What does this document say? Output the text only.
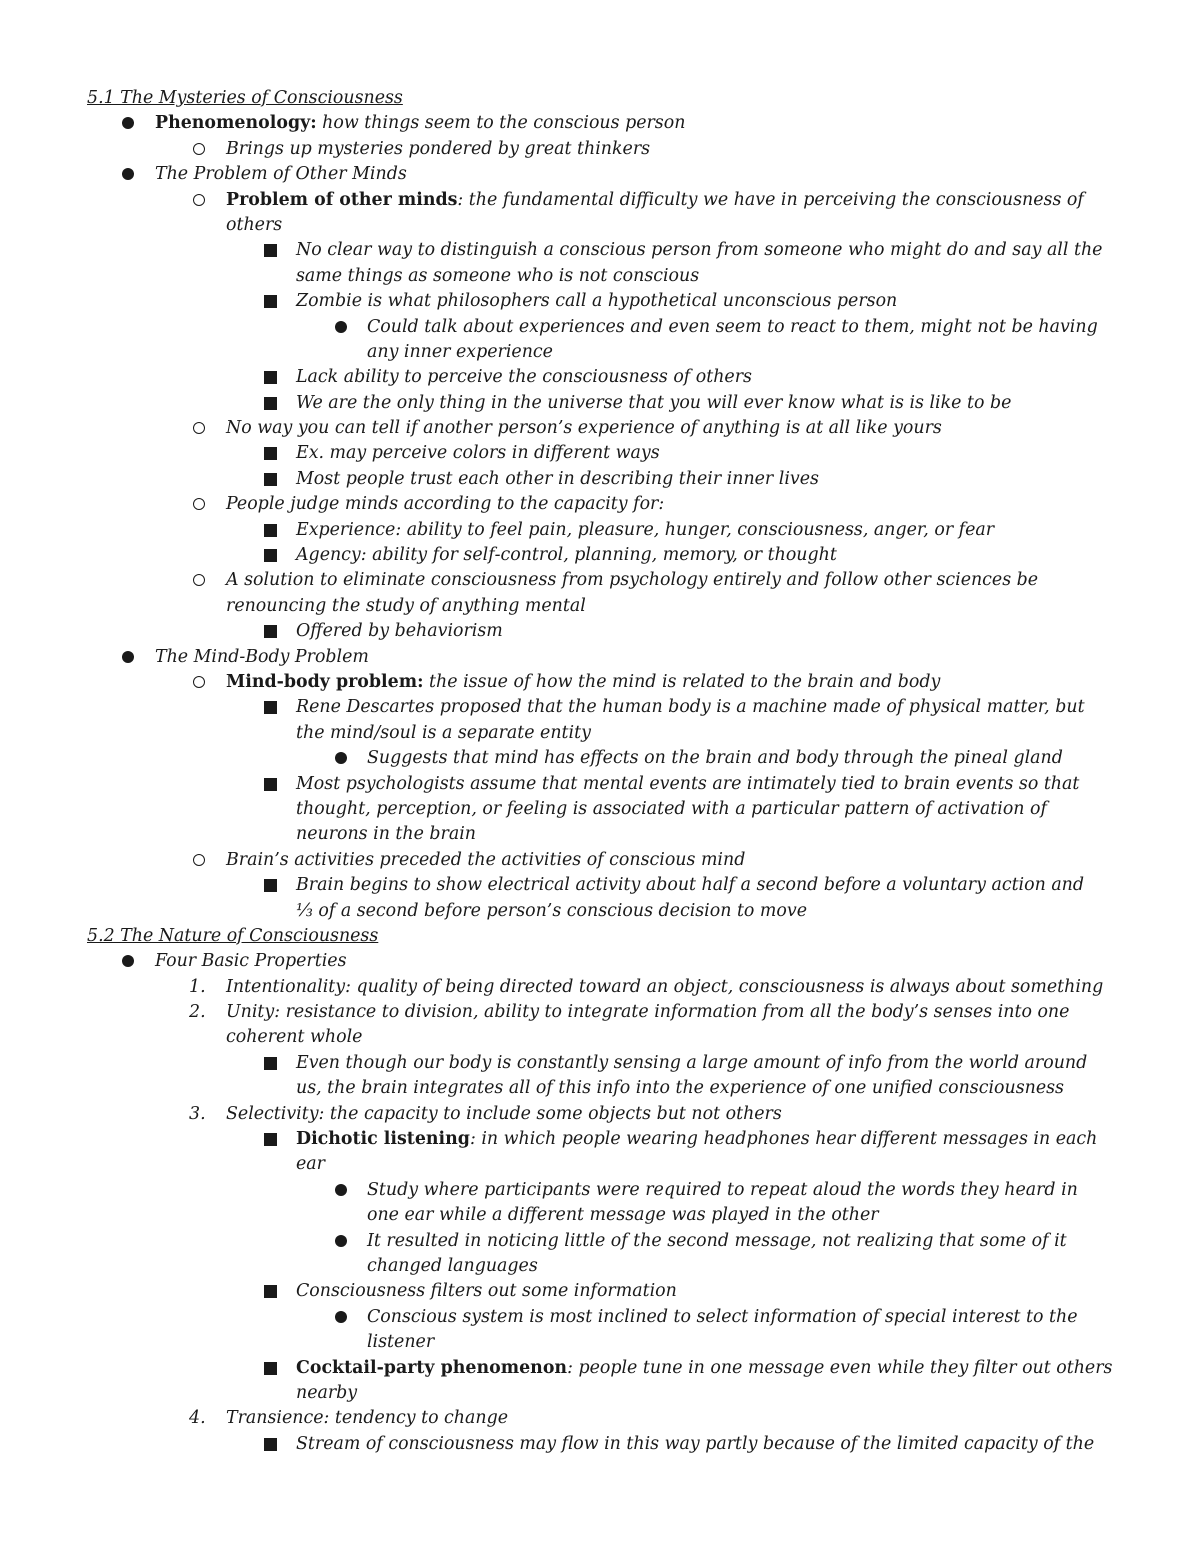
5.1 The Mysteries of Consciousness
Phenomenology: how things seem to the conscious person
Brings up mysteries pondered by great thinkers
The Problem of Other Minds
Problem of other minds: the fundamental difficulty we have in perceiving the consciousness of
others
No clear way to distinguish a conscious person from someone who might do and say all the
same things as someone who is not conscious
Zombie is what philosophers call a hypothetical unconscious person
Could talk about experiences and even seem to react to them, might not be having
any inner experience
Lack ability to perceive the consciousness of others
We are the only thing in the universe that you will ever know what is is like to be
No way you can tell if another person’s experience of anything is at all like yours
Ex. may perceive colors in different ways
Most people trust each other in describing their inner lives
People judge minds according to the capacity for:
Experience: ability to feel pain, pleasure, hunger, consciousness, anger, or fear
Agency: ability for self‐control, planning, memory, or thought
A solution to eliminate consciousness from psychology entirely and follow other sciences be
renouncing the study of anything mental
Offered by behaviorism
The Mind‐Body Problem
Mind‐body problem: the issue of how the mind is related to the brain and body
Rene Descartes proposed that the human body is a machine made of physical matter, but
the mind/soul is a separate entity
Suggests that mind has effects on the brain and body through the pineal gland
Most psychologists assume that mental events are intimately tied to brain events so that
thought, perception, or feeling is associated with a particular pattern of activation of
neurons in the brain
Brain’s activities preceded the activities of conscious mind
Brain begins to show electrical activity about half a second before a voluntary action and
⅓ of a second before person’s conscious decision to move
5.2 The Nature of Consciousness
Four Basic Properties
1. Intentionality: quality of being directed toward an object, consciousness is always about something
2. Unity: resistance to division, ability to integrate information from all the body’s senses into one
coherent whole
Even though our body is constantly sensing a large amount of info from the world around
us, the brain integrates all of this info into the experience of one unified consciousness
3. Selectivity: the capacity to include some objects but not others
Dichotic listening: in which people wearing headphones hear different messages in each
ear
Study where participants were required to repeat aloud the words they heard in
one ear while a different message was played in the other
It resulted in noticing little of the second message, not realizing that some of it
changed languages
Consciousness filters out some information
Conscious system is most inclined to select information of special interest to the
listener
Cocktail‐party phenomenon: people tune in one message even while they filter out others
nearby
4. Transience: tendency to change
Stream of consciousness may flow in this way partly because of the limited capacity of the
